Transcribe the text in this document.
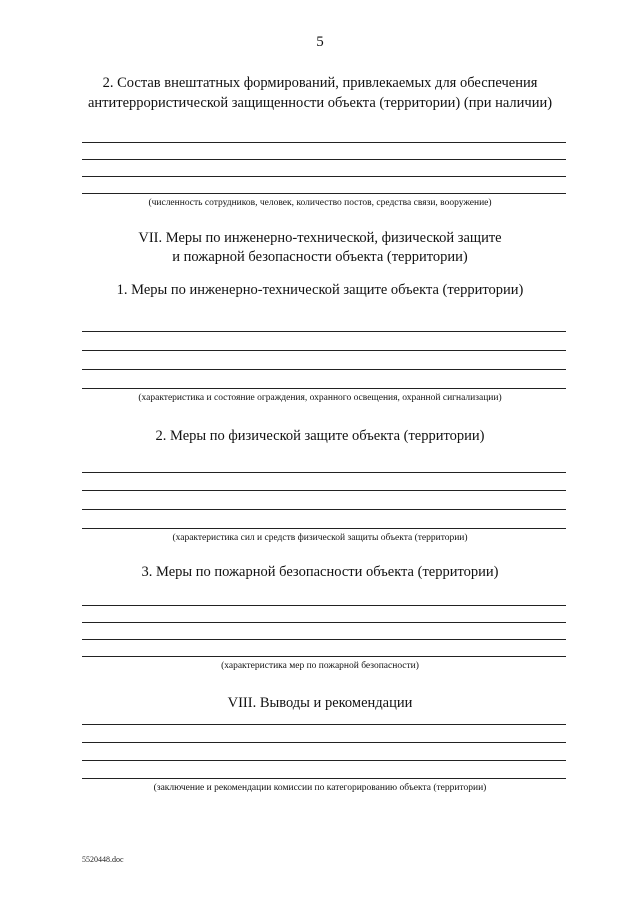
5
2. Состав внештатных формирований, привлекаемых для обеспечения
антитеррористической защищенности объекта (территории) (при наличии)
(численность сотрудников, человек, количество постов, средства связи, вооружение)
VII. Меры по инженерно-технической, физической защите
и пожарной безопасности объекта (территории)
1. Меры по инженерно-технической защите объекта (территории)
(характеристика и состояние ограждения, охранного освещения, охранной сигнализации)
2. Меры по физической защите объекта (территории)
(характеристика сил и средств физической защиты объекта (территории)
3. Меры по пожарной безопасности объекта (территории)
(характеристика мер по пожарной безопасности)
VIII. Выводы и рекомендации
(заключение и рекомендации комиссии по категорированию объекта (территории)
5520448.doc
